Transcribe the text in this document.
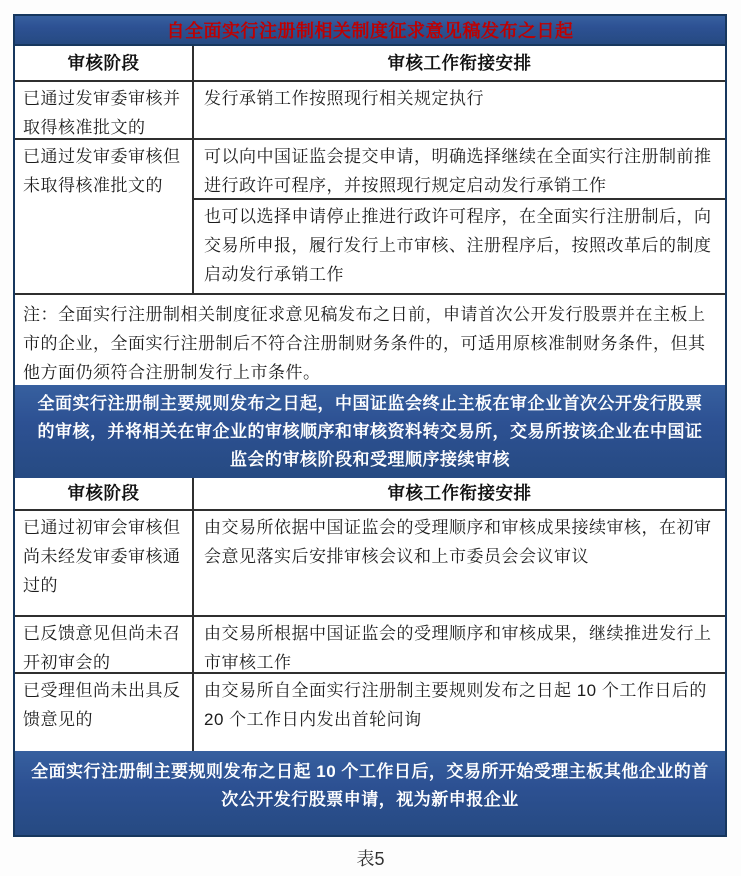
自全面实行注册制相关制度征求意见稿发布之日起
审核阶段	审核工作衔接安排
已通过发审委审核并取得核准批文的
发行承销工作按照现行相关规定执行
已通过发审委审核但未取得核准批文的
可以向中国证监会提交申请，明确选择继续在全面实行注册制前推进行政许可程序，并按照现行规定启动发行承销工作
也可以选择申请停止推进行政许可程序，在全面实行注册制后，向交易所申报，履行发行上市审核、注册程序后，按照改革后的制度启动发行承销工作
注：全面实行注册制相关制度征求意见稿发布之日前，申请首次公开发行股票并在主板上市的企业，全面实行注册制后不符合注册制财务条件的，可适用原核准制财务条件，但其他方面仍须符合注册制发行上市条件。
全面实行注册制主要规则发布之日起，中国证监会终止主板在审企业首次公开发行股票的审核，并将相关在审企业的审核顺序和审核资料转交易所，交易所按该企业在中国证监会的审核阶段和受理顺序接续审核
审核阶段	审核工作衔接安排
已通过初审会审核但尚未经发审委审核通过的
由交易所依据中国证监会的受理顺序和审核成果接续审核，在初审会意见落实后安排审核会议和上市委员会会议审议
已反馈意见但尚未召开初审会的
由交易所根据中国证监会的受理顺序和审核成果，继续推进发行上市审核工作
已受理但尚未出具反馈意见的
由交易所自全面实行注册制主要规则发布之日起 10 个工作日后的 20 个工作日内发出首轮问询
全面实行注册制主要规则发布之日起 10 个工作日后，交易所开始受理主板其他企业的首次公开发行股票申请，视为新申报企业
表5
